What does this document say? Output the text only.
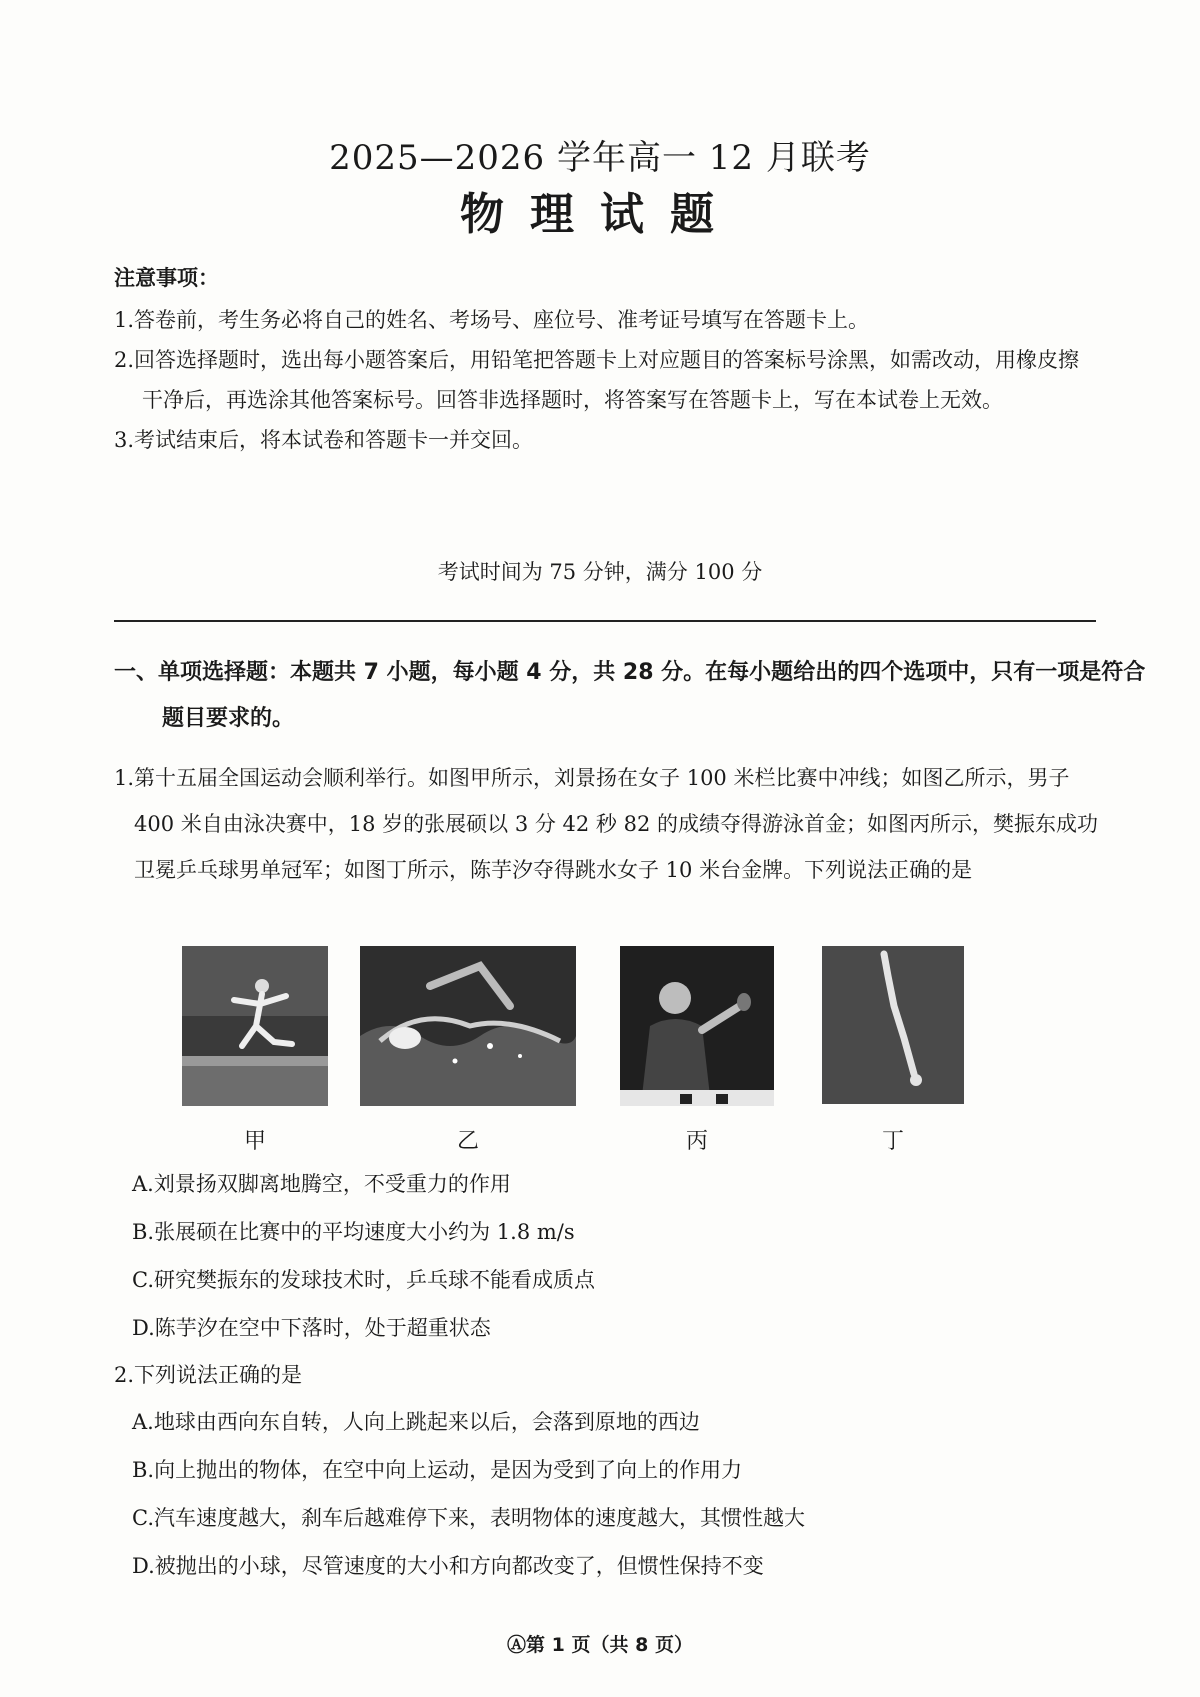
2025—2026 学年高一 12 月联考
物理试题
注意事项：
1.答卷前，考生务必将自己的姓名、考场号、座位号、准考证号填写在答题卡上。
2.回答选择题时，选出每小题答案后，用铅笔把答题卡上对应题目的答案标号涂黑，如需改动，用橡皮擦干净后，再选涂其他答案标号。回答非选择题时，将答案写在答题卡上，写在本试卷上无效。
3.考试结束后，将本试卷和答题卡一并交回。
考试时间为 75 分钟，满分 100 分

一、单项选择题：本题共 7 小题，每小题 4 分，共 28 分。在每小题给出的四个选项中，只有一项是符合题目要求的。

1.第十五届全国运动会顺利举行。如图甲所示，刘景扬在女子 100 米栏比赛中冲线；如图乙所示，男子 400 米自由泳决赛中，18 岁的张展硕以 3 分 42 秒 82 的成绩夺得游泳首金；如图丙所示，樊振东成功卫冕乒乓球男单冠军；如图丁所示，陈芋汐夺得跳水女子 10 米台金牌。下列说法正确的是

甲	乙	丙	丁
A.刘景扬双脚离地腾空，不受重力的作用
B.张展硕在比赛中的平均速度大小约为 1.8 m/s
C.研究樊振东的发球技术时，乒乓球不能看成质点
D.陈芋汐在空中下落时，处于超重状态

2.下列说法正确的是

A.地球由西向东自转，人向上跳起来以后，会落到原地的西边
B.向上抛出的物体，在空中向上运动，是因为受到了向上的作用力
C.汽车速度越大，刹车后越难停下来，表明物体的速度越大，其惯性越大
D.被抛出的小球，尽管速度的大小和方向都改变了，但惯性保持不变
Ⓐ第 1 页（共 8 页）
